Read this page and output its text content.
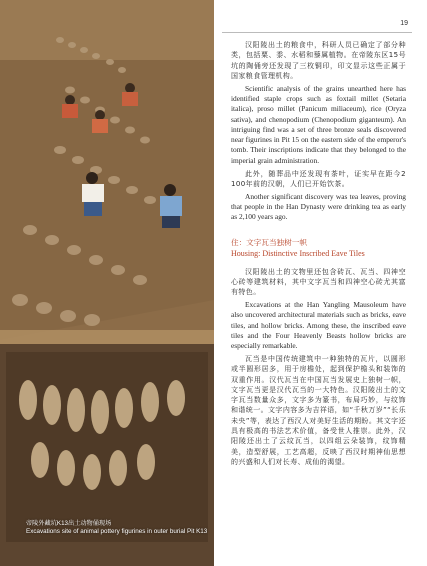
帝陵外藏坑K13出土动物俑现场
Excavations site of animal pottery figurines in outer burial Pit K13
19

汉阳陵出土的粮食中，科研人员已确定了部分种类，包括粟、黍、水稻和藜属植物。在帝陵东区15号坑的陶俑旁还发现了三枚铜印，印文显示这些正属于国家粮食管理机构。

Scientific analysis of the grains unearthed here has identified staple crops such as foxtail millet (Setaria italica), proso millet (Panicum miliaceum), rice (Oryza sativa), and chenopodium (Chenopodium giganteum). An intriguing find was a set of three bronze seals discovered near figurines in Pit 15 on the eastern side of the emperor's tomb. Their inscriptions indicate that they belonged to the imperial grain administration.

此外，随葬品中还发现有茶叶，证实早在距今2 100年前的汉朝，人们已开始饮茶。

Another significant discovery was tea leaves, proving that people in the Han Dynasty were drinking tea as early as 2,100 years ago.

住：文字瓦当独树一帜
Housing: Distinctive Inscribed Eave Tiles

汉阳陵出土的文物里还包含砖瓦、瓦当、四神空心砖等建筑材料，其中文字瓦当和四神空心砖尤其富有特色。

Excavations at the Han Yangling Mausoleum have also uncovered architectural materials such as bricks, eave tiles, and hollow bricks. Among these, the inscribed eave tiles and the Four Heavenly Beasts hollow bricks are especially remarkable.

瓦当是中国传统建筑中一种独特的瓦片，以圆形或半圆形居多，用于房檐处，起到保护檐头和装饰的双重作用。汉代瓦当在中国瓦当发展史上独树一帜，文字瓦当更是汉代瓦当的一大特色。汉阳陵出土的文字瓦当数量众多，文字多为篆书，布局巧妙，与纹饰和谐统一。文字内容多为吉祥语，如“千秋万岁”“长乐未央”等，表达了西汉人对美好生活的期盼。其文字还具有极高的书法艺术价值，备受世人推崇。此外，汉阳陵还出土了云纹瓦当，以四组云朵装饰，纹饰精美，造型舒展，工艺高超，反映了西汉时期神仙思想的兴盛和人们对长寿、成仙的渴望。
